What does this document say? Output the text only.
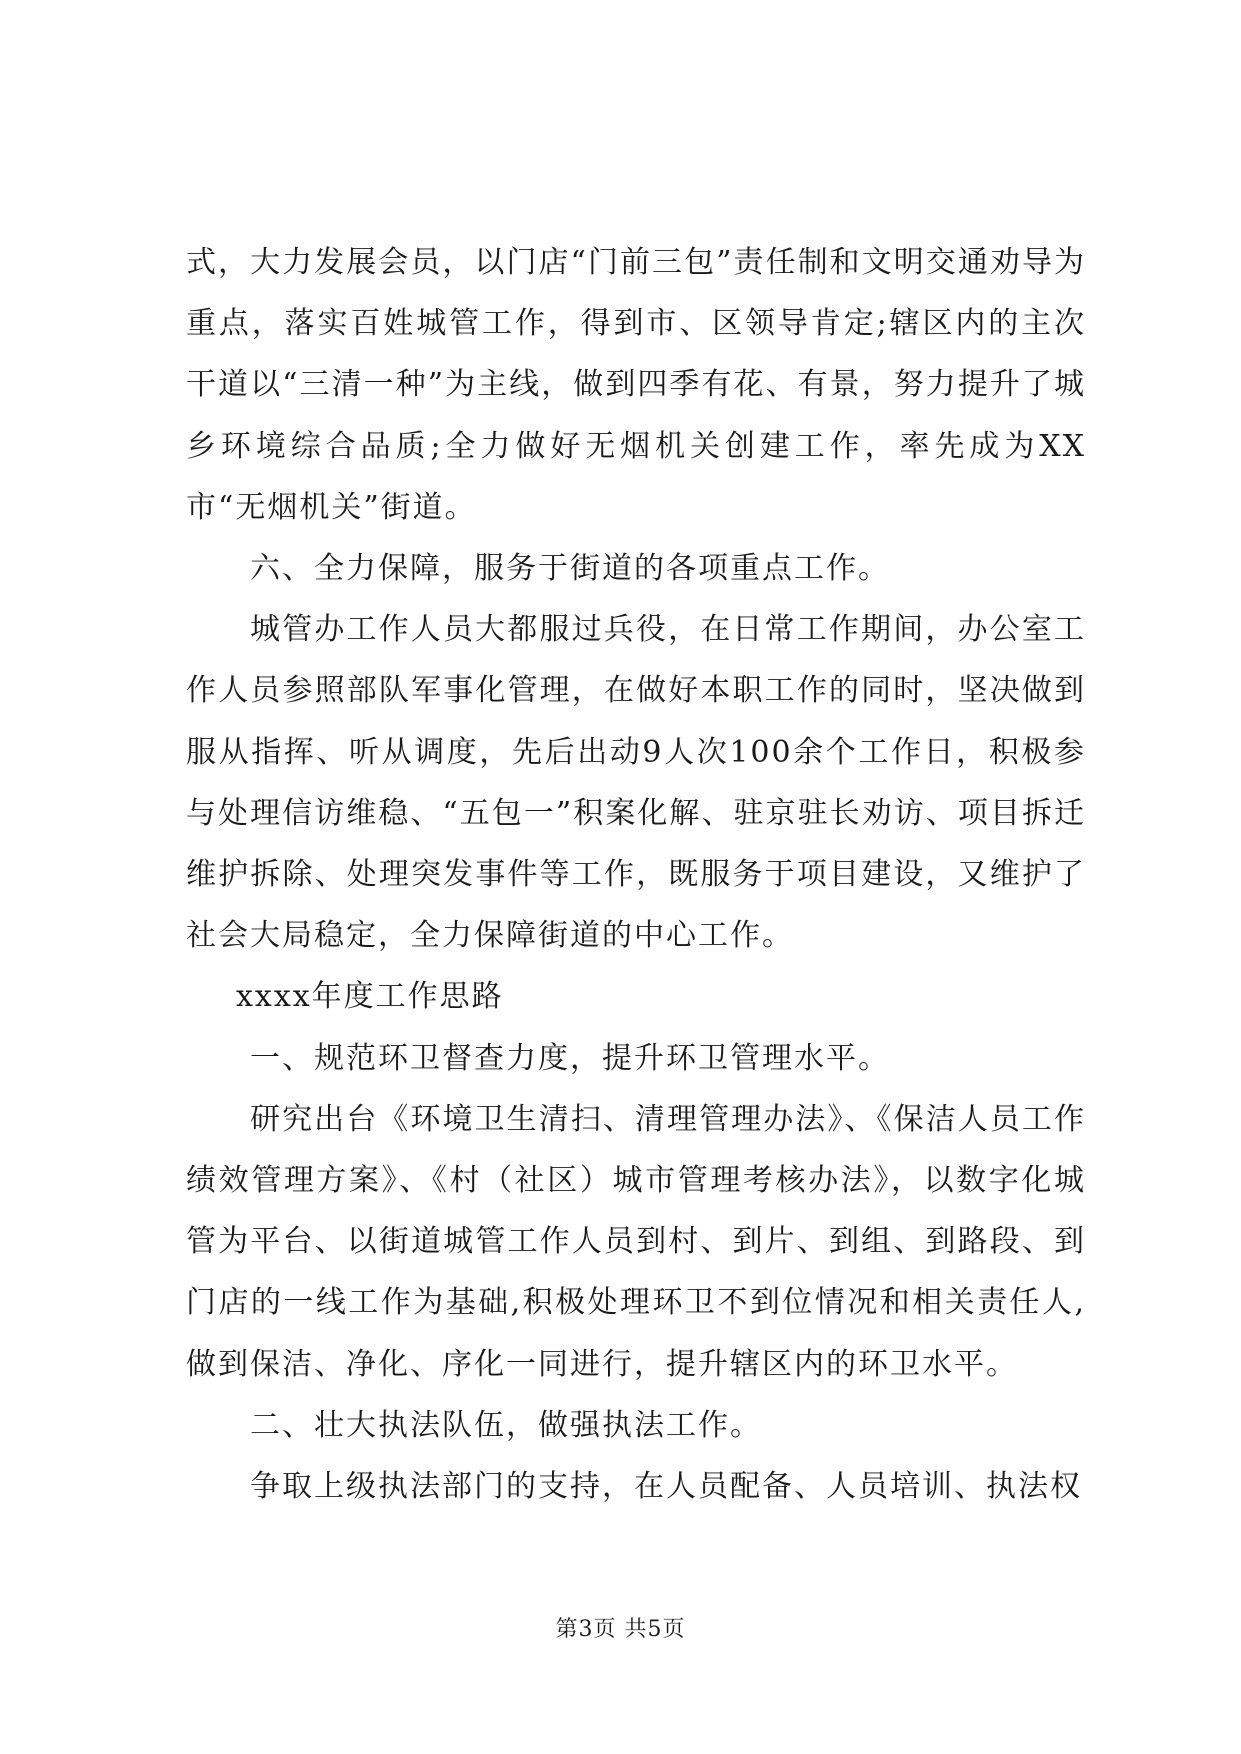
式，大力发展会员，以门店“门前三包”责任制和文明交通劝导为重点，落实百姓城管工作，得到市、区领导肯定;辖区内的主次干道以“三清一种”为主线，做到四季有花、有景，努力提升了城乡环境综合品质;全力做好无烟机关创建工作，率先成为XX市“无烟机关”街道。

六、全力保障，服务于街道的各项重点工作。

城管办工作人员大都服过兵役，在日常工作期间，办公室工作人员参照部队军事化管理，在做好本职工作的同时，坚决做到服从指挥、听从调度，先后出动9人次100余个工作日，积极参与处理信访维稳、“五包一”积案化解、驻京驻长劝访、项目拆迁维护拆除、处理突发事件等工作，既服务于项目建设，又维护了社会大局稳定，全力保障街道的中心工作。

xxxx年度工作思路

一、规范环卫督查力度，提升环卫管理水平。

研究出台《环境卫生清扫、清理管理办法》、《保洁人员工作绩效管理方案》、《村（社区）城市管理考核办法》，以数字化城管为平台、以街道城管工作人员到村、到片、到组、到路段、到门店的一线工作为基础,积极处理环卫不到位情况和相关责任人,做到保洁、净化、序化一同进行，提升辖区内的环卫水平。

二、壮大执法队伍，做强执法工作。

争取上级执法部门的支持，在人员配备、人员培训、执法权

第3页 共5页
